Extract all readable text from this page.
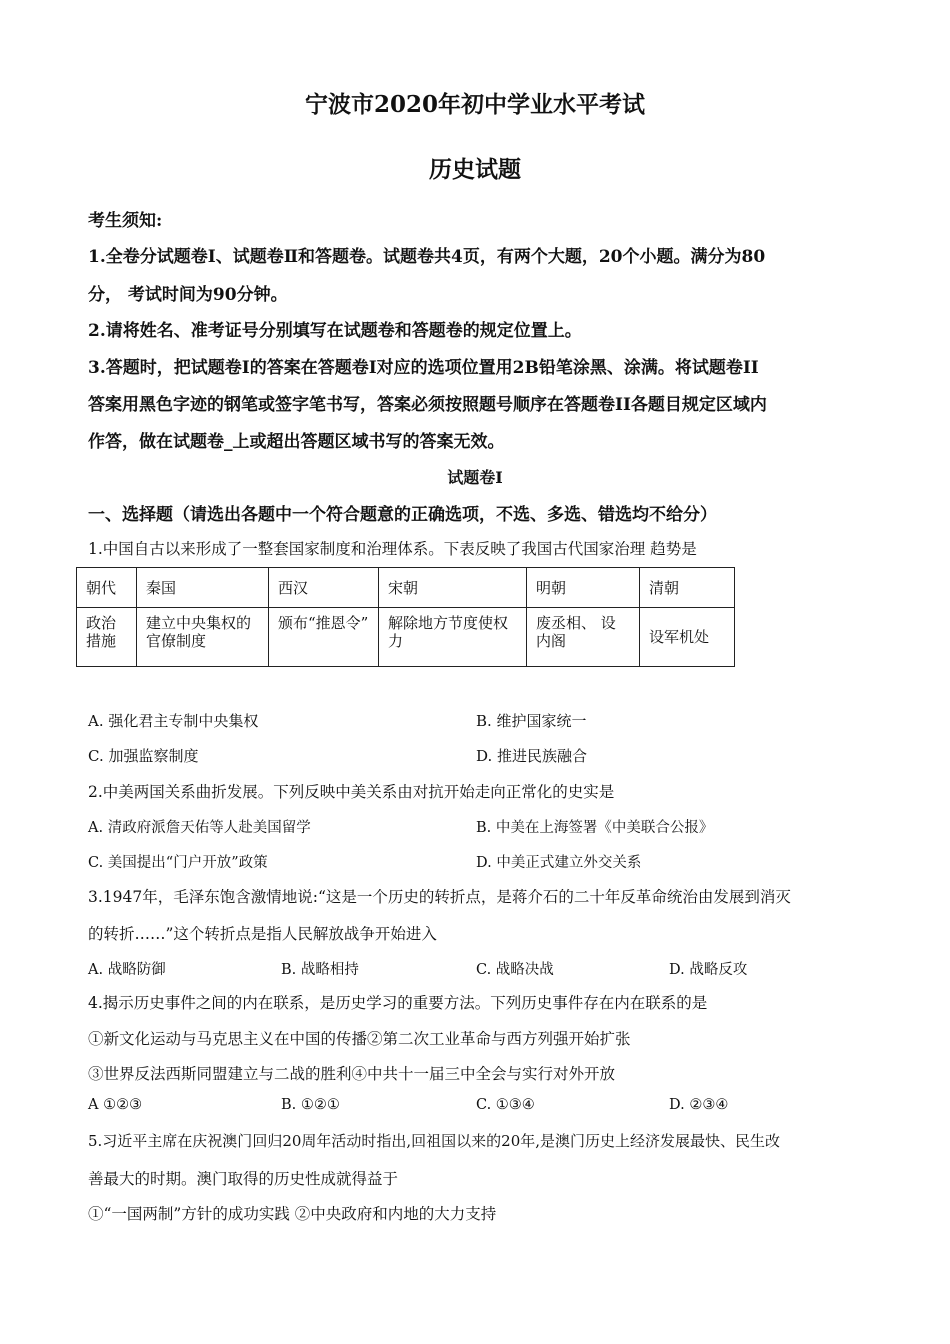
宁波市2020年初中学业水平考试
历史试题
考生须知:
1.全卷分试题卷I、试题卷Ⅱ和答题卷。试题卷共4页，有两个大题，20个小题。满分为80
分， 考试时间为90分钟。
2.请将姓名、准考证号分别填写在试题卷和答题卷的规定位置上。
3.答题时，把试题卷I的答案在答题卷I对应的选项位置用2B铅笔涂黑、涂满。将试题卷II
答案用黑色字迹的钢笔或签字笔书写，答案必须按照题号顺序在答题卷II各题目规定区域内
作答，做在试题卷_上或超出答题区域书写的答案无效。
试题卷I
一、选择题（请选出各题中一个符合题意的正确选项，不选、多选、错选均不给分）
1.中国自古以来形成了一整套国家制度和治理体系。下表反映了我国古代国家治理 趋势是
朝代	秦国	西汉	宋朝	明朝	清朝
政治措施	建立中央集权的官僚制度	颁布“推恩令”	解除地方节度使权力	废丞相、 设内阁	设军机处
A. 强化君主专制中央集权	B. 维护国家统一
C. 加强监察制度	D. 推进民族融合
2.中美两国关系曲折发展。下列反映中美关系由对抗开始走向正常化的史实是
A. 清政府派詹天佑等人赴美国留学	B. 中美在上海签署《中美联合公报》
C. 美国提出“门户开放”政策	D. 中美正式建立外交关系
3.1947年，毛泽东饱含激情地说:“这是一个历史的转折点，是蒋介石的二十年反革命统治由发展到消灭
的转折……”这个转折点是指人民解放战争开始进入
A. 战略防御	B. 战略相持	C. 战略决战	D. 战略反攻
4.揭示历史事件之间的内在联系，是历史学习的重要方法。下列历史事件存在内在联系的是
①新文化运动与马克思主义在中国的传播②第二次工业革命与西方列强开始扩张
③世界反法西斯同盟建立与二战的胜利④中共十一届三中全会与实行对外开放
A ①②③	B. ①②①	C. ①③④	D. ②③④
5.习近平主席在庆祝澳门回归20周年活动时指出,回祖国以来的20年,是澳门历史上经济发展最快、民生改
善最大的时期。澳门取得的历史性成就得益于
①“一国两制”方针的成功实践 ②中央政府和内地的大力支持
